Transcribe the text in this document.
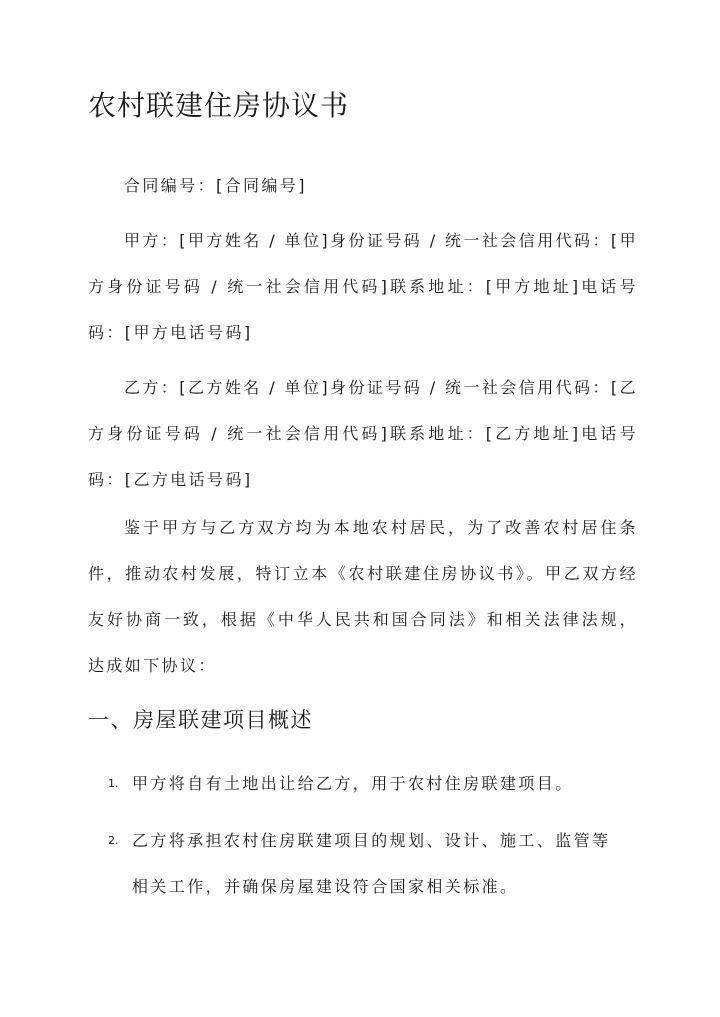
农村联建住房协议书

合同编号：[合同编号]

甲方：[甲方姓名 / 单位]身份证号码 / 统一社会信用代码：[甲方身份证号码 / 统一社会信用代码]联系地址：[甲方地址]电话号码：[甲方电话号码]

乙方：[乙方姓名 / 单位]身份证号码 / 统一社会信用代码：[乙方身份证号码 / 统一社会信用代码]联系地址：[乙方地址]电话号码：[乙方电话号码]

鉴于甲方与乙方双方均为本地农村居民，为了改善农村居住条件，推动农村发展，特订立本《农村联建住房协议书》。甲乙双方经友好协商一致，根据《中华人民共和国合同法》和相关法律法规，达成如下协议：

一、房屋联建项目概述
1. 甲方将自有土地出让给乙方，用于农村住房联建项目。
2. 乙方将承担农村住房联建项目的规划、设计、施工、监管等相关工作，并确保房屋建设符合国家相关标准。
